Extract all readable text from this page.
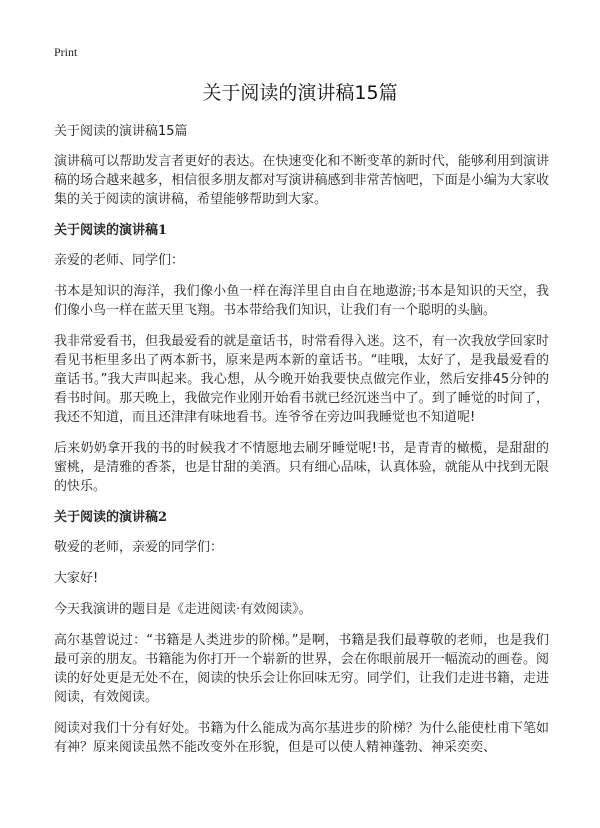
Print
关于阅读的演讲稿15篇

关于阅读的演讲稿15篇

演讲稿可以帮助发言者更好的表达。在快速变化和不断变革的新时代，能够利用到演讲稿的场合越来越多，相信很多朋友都对写演讲稿感到非常苦恼吧，下面是小编为大家收集的关于阅读的演讲稿，希望能够帮助到大家。

关于阅读的演讲稿1

亲爱的老师、同学们：

书本是知识的海洋，我们像小鱼一样在海洋里自由自在地遨游;书本是知识的天空，我们像小鸟一样在蓝天里飞翔。书本带给我们知识，让我们有一个聪明的头脑。

我非常爱看书，但我最爱看的就是童话书，时常看得入迷。这不，有一次我放学回家时看见书柜里多出了两本新书，原来是两本新的童话书。“哇哦，太好了，是我最爱看的童话书。”我大声叫起来。我心想，从今晚开始我要快点做完作业，然后安排45分钟的看书时间。那天晚上，我做完作业刚开始看书就已经沉迷当中了。到了睡觉的时间了，我还不知道，而且还津津有味地看书。连爷爷在旁边叫我睡觉也不知道呢!

后来奶奶拿开我的书的时候我才不情愿地去刷牙睡觉呢!书，是青青的橄榄，是甜甜的蜜桃，是清雅的香茶，也是甘甜的美酒。只有细心品味，认真体验，就能从中找到无限的快乐。

关于阅读的演讲稿2

敬爱的老师，亲爱的同学们：

大家好!

今天我演讲的题目是《走进阅读·有效阅读》。

高尔基曾说过：“书籍是人类进步的阶梯。”是啊，书籍是我们最尊敬的老师，也是我们最可亲的朋友。书籍能为你打开一个崭新的世界，会在你眼前展开一幅流动的画卷。阅读的好处更是无处不在，阅读的快乐会让你回味无穷。同学们，让我们走进书籍，走进阅读，有效阅读。

阅读对我们十分有好处。书籍为什么能成为高尔基进步的阶梯？为什么能使杜甫下笔如有神？原来阅读虽然不能改变外在形貌，但是可以使人精神蓬勃、神采奕奕、
